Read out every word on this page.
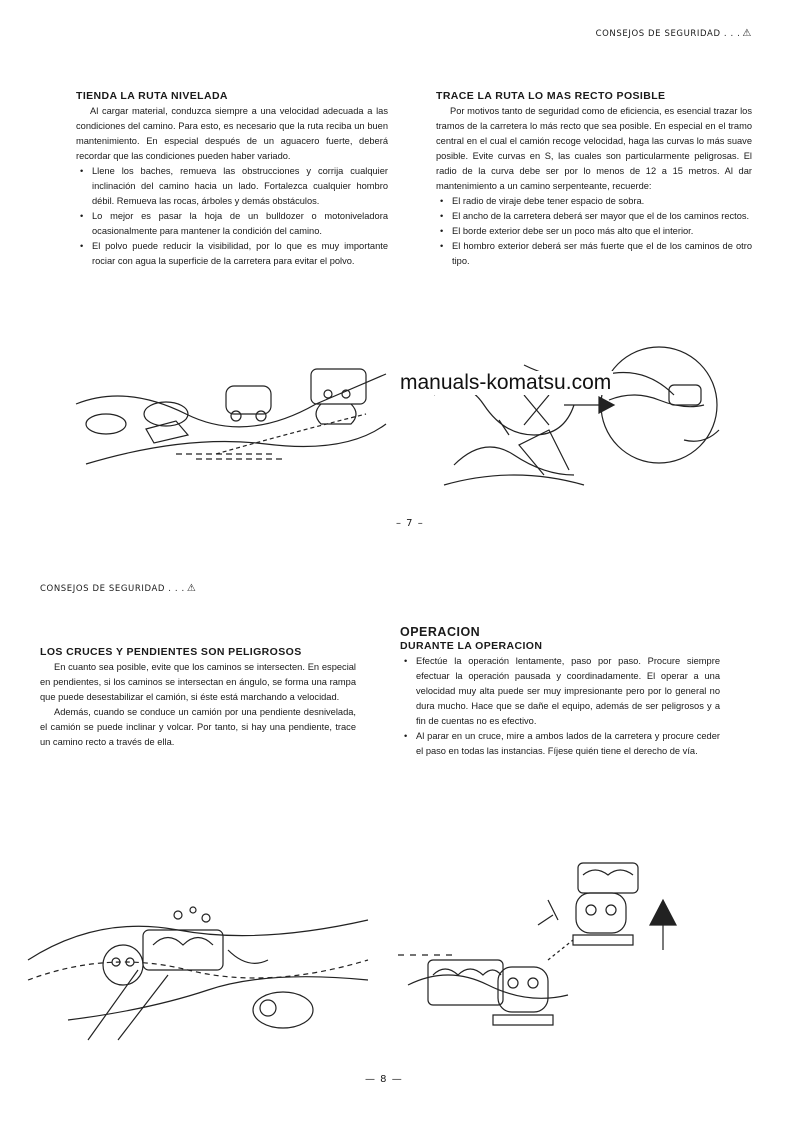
CONSEJOS DE SEGURIDAD . . . ⚠
TIENDA LA RUTA NIVELADA

Al cargar material, conduzca siempre a una velocidad adecuada a las condiciones del camino. Para esto, es necesario que la ruta reciba un buen mantenimiento. En especial después de un aguacero fuerte, deberá recordar que las condiciones pueden haber variado.

• Llene los baches, remueva las obstrucciones y corrija cualquier inclinación del camino hacia un lado. Fortalezca cualquier hombro débil. Remueva las rocas, árboles y demás obstáculos.
• Lo mejor es pasar la hoja de un bulldozer o motoniveladora ocasionalmente para mantener la condición del camino.
• El polvo puede reducir la visibilidad, por lo que es muy importante rociar con agua la superficie de la carretera para evitar el polvo.
TRACE LA RUTA LO MAS RECTO POSIBLE

Por motivos tanto de seguridad como de eficiencia, es esencial trazar los tramos de la carretera lo más recto que sea posible. En especial en el tramo central en el cual el camión recoge velocidad, haga las curvas lo más suave posible. Evite curvas en S, las cuales son particularmente peligrosas. El radio de la curva debe ser por lo menos de 12 a 15 metros. Al dar mantenimiento a un camino serpenteante, recuerde:

• El radio de viraje debe tener espacio de sobra.
• El ancho de la carretera deberá ser mayor que el de los caminos rectos.
• El borde exterior debe ser un poco más alto que el interior.
• El hombro exterior deberá ser más fuerte que el de los caminos de otro tipo.
– 7 –
manuals-komatsu.com
CONSEJOS DE SEGURIDAD . . . ⚠
LOS CRUCES Y PENDIENTES SON PELIGROSOS

En cuanto sea posible, evite que los caminos se intersecten. En especial en pendientes, si los caminos se intersectan en ángulo, se forma una rampa que puede desestabilizar el camión, si éste está marchando a velocidad.

Además, cuando se conduce un camión por una pendiente desnivelada, el camión se puede inclinar y volcar. Por tanto, si hay una pendiente, trace un camino recto a través de ella.

OPERACION
DURANTE LA OPERACION
• Efectúe la operación lentamente, paso por paso. Procure siempre efectuar la operación pausada y coordinadamente. El operar a una velocidad muy alta puede ser muy impresionante pero por lo general no dura mucho. Hace que se dañe el equipo, además de ser peligrosos y a fin de cuentas no es efectivo.
• Al parar en un cruce, mire a ambos lados de la carretera y procure ceder el paso en todas las instancias. Fíjese quién tiene el derecho de vía.
— 8 —
